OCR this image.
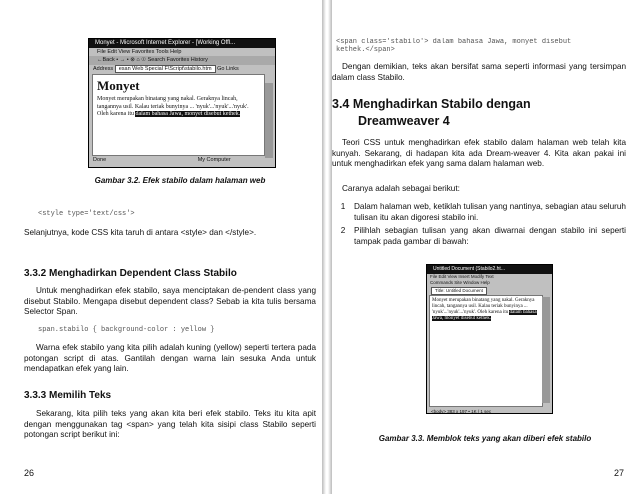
Monyet - Microsoft Internet Explorer - [Working Offl...
File Edit View Favorites Tools Help
←Back • → • ⊗ ⌂ ☉ Search Favorites History
Address esan Web Special F\Script\stabilo.htm Go Links
Monyet
Monyet merupakan binatang yang nakal. Geraknya lincah, tangannya usil. Kalau teriak bunyinya ... 'nyuk'...'nyuk'...'nyuk'. Oleh karena itu dalam bahasa Jawa, monyet disebut kethek.
Done	My Computer
Gambar 3.2. Efek stabilo dalam halaman web
<style type='text/css'>

Selanjutnya, kode CSS kita taruh di antara <style> dan </style>.

3.3.2 Menghadirkan Dependent Class Stabilo

Untuk menghadirkan efek stabilo, saya menciptakan de-pendent class yang disebut Stabilo. Mengapa disebut dependent class? Sebab ia kita tulis bersama Selector Span.

span.stabilo { background-color : yellow }

Warna efek stabilo yang kita pilih adalah kuning (yellow) seperti tertera pada potongan script di atas. Gantilah dengan warna lain sesuka Anda untuk mendapatkan efek yang lain.

3.3.3 Memilih Teks

Sekarang, kita pilih teks yang akan kita beri efek stabilo. Teks itu kita apit dengan menggunakan tag <span> yang telah kita sisipi class Stabilo seperti potongan script berikut ini:

26
<span class='stabilo'> dalam bahasa Jawa, monyet disebut
kethek.</span>

Dengan demikian, teks akan bersifat sama seperti informasi yang tersimpan dalam class Stabilo.

3.4 Menghadirkan Stabilo dengan
Dreamweaver 4

Teori CSS untuk menghadirkan efek stabilo dalam halaman web telah kita kunyah. Sekarang, di hadapan kita ada Dream-weaver 4. Kita akan pakai ini untuk menghadirkan efek yang sama dalam halaman web.

Caranya adalah sebagai berikut:

1	Dalam halaman web, ketiklah tulisan yang nantinya, sebagian atau seluruh tulisan itu akan digoresi stabilo ini.
2	Pilihlah sebagian tulisan yang akan diwarnai dengan stabilo ini seperti tampak pada gambar di bawah:
Untitled Document (Stabilo2.ht...
File Edit View Insert Modify Text
Commands Site Window Help
Title: Untitled Document
Monyet merupakan binatang yang nakal. Geraknya lincah, tangannya usil. Kalau teriak bunyinya ... 'nyuk'...'nyuk'...'nyuk'. Oleh karena itu dalam bahasa Jawa, monyet disebut kethek.
<body> 383 x 197 • 1K / 1 sec
Gambar 3.3. Memblok teks yang akan diberi efek stabilo
27
